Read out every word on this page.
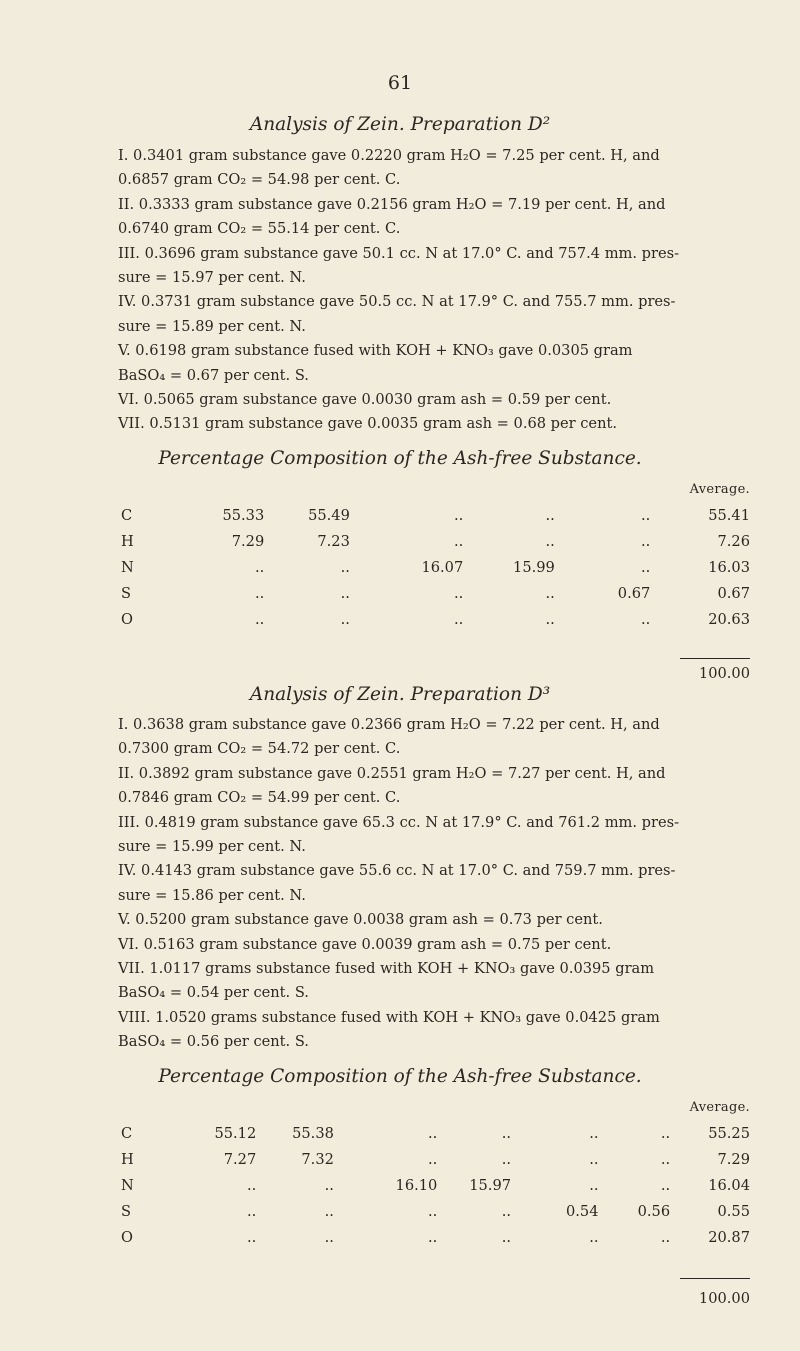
61
Analysis of Zein. Preparation D²
I. 0.3401 gram substance gave 0.2220 gram H₂O = 7.25 per cent. H, and
0.6857 gram CO₂ = 54.98 per cent. C.
II. 0.3333 gram substance gave 0.2156 gram H₂O = 7.19 per cent. H, and
0.6740 gram CO₂ = 55.14 per cent. C.
III. 0.3696 gram substance gave 50.1 cc. N at 17.0° C. and 757.4 mm. pres-
sure = 15.97 per cent. N.
IV. 0.3731 gram substance gave 50.5 cc. N at 17.9° C. and 755.7 mm. pres-
sure = 15.89 per cent. N.
V. 0.6198 gram substance fused with KOH + KNO₃ gave 0.0305 gram
BaSO₄ = 0.67 per cent. S.
VI. 0.5065 gram substance gave 0.0030 gram ash = 0.59 per cent.
VII. 0.5131 gram substance gave 0.0035 gram ash = 0.68 per cent.
Percentage Composition of the Ash-free Substance.
						Average.
C	55.33	55.49	..	..	..	55.41
H	7.29	7.23	..	..	..	7.26
N	..	..	16.07	15.99	..	16.03
S	..	..	..	..	0.67	0.67
O	..	..	..	..	..	20.63
100.00
Analysis of Zein. Preparation D³
I. 0.3638 gram substance gave 0.2366 gram H₂O = 7.22 per cent. H, and
0.7300 gram CO₂ = 54.72 per cent. C.
II. 0.3892 gram substance gave 0.2551 gram H₂O = 7.27 per cent. H, and
0.7846 gram CO₂ = 54.99 per cent. C.
III. 0.4819 gram substance gave 65.3 cc. N at 17.9° C. and 761.2 mm. pres-
sure = 15.99 per cent. N.
IV. 0.4143 gram substance gave 55.6 cc. N at 17.0° C. and 759.7 mm. pres-
sure = 15.86 per cent. N.
V. 0.5200 gram substance gave 0.0038 gram ash = 0.73 per cent.
VI. 0.5163 gram substance gave 0.0039 gram ash = 0.75 per cent.
VII. 1.0117 grams substance fused with KOH + KNO₃ gave 0.0395 gram
BaSO₄ = 0.54 per cent. S.
VIII. 1.0520 grams substance fused with KOH + KNO₃ gave 0.0425 gram
BaSO₄ = 0.56 per cent. S.
Percentage Composition of the Ash-free Substance.
							Average.
C	55.12	55.38	..	..	..	..	55.25
H	7.27	7.32	..	..	..	..	7.29
N	..	..	16.10	15.97	..	..	16.04
S	..	..	..	..	0.54	0.56	0.55
O	..	..	..	..	..	..	20.87
100.00
